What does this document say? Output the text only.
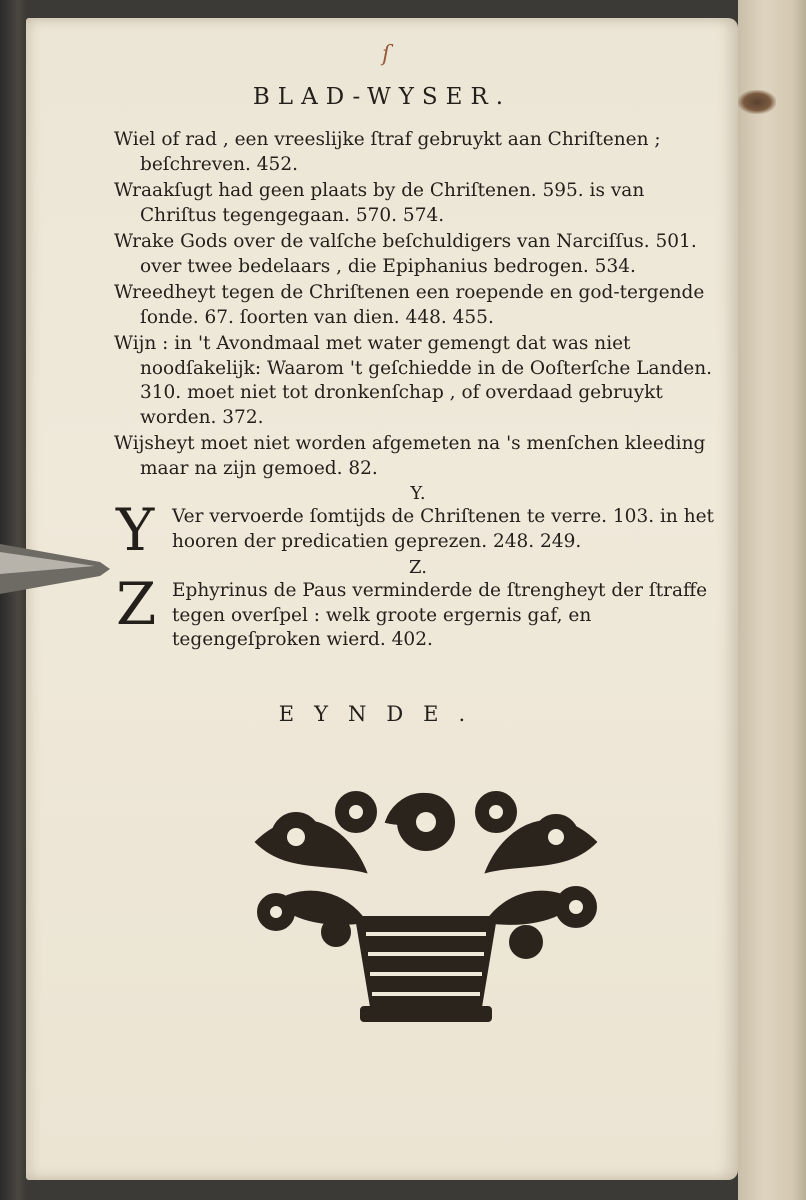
ſ
BLAD-WYSER.

Wiel of rad , een vreeslijke ſtraf gebruykt aan Chriſtenen ; beſchreven. 452.

Wraakſugt had geen plaats by de Chriſtenen. 595. is van Chriſtus tegengegaan. 570. 574.

Wrake Gods over de valſche beſchuldigers van Narciſſus. 501. over twee bedelaars , die Epiphanius bedrogen. 534.

Wreedheyt tegen de Chriſtenen een roepende en god-tergende ſonde. 67. ſoorten van dien. 448. 455.

Wijn : in 't Avondmaal met water gemengt dat was niet noodſakelijk: Waarom 't geſchiedde in de Ooſterſche Landen. 310. moet niet tot dronkenſchap , of overdaad gebruykt worden. 372.

Wijsheyt moet niet worden afgemeten na 's menſchen kleeding maar na zijn gemoed. 82.

Y.

Y Ver vervoerde ſomtijds de Chriſtenen te verre. 103. in het hooren der predicatien geprezen. 248. 249.

Z.

Z Ephyrinus de Paus verminderde de ſtrengheyt der ſtraffe tegen overſpel : welk groote ergernis gaf, en tegengeſproken wierd. 402.
EYNDE.
